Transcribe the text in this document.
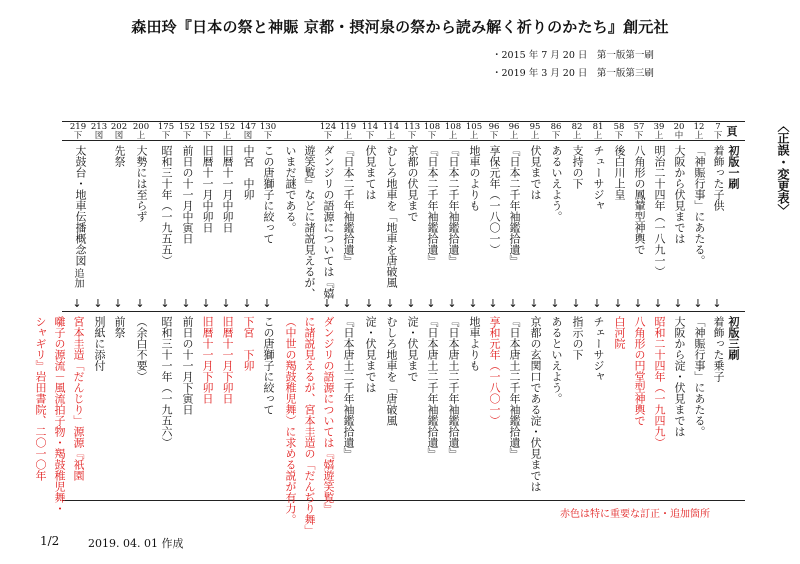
森田玲『日本の祭と神賑 京都・摂河泉の祭から読み解く祈りのかたち』創元社
・2015 年 7 月 20 日　第一版第一刷
・2019 年 3 月 20 日　第一版第三刷
〈正誤・変更表〉
頁
初版一刷
初版三刷
7
下
着飾った子供
↓
着飾った乗子
12
上
「神賑行事」にあたる。
↓
「神賑行事」にあたる。
20
中
大阪から伏見までは
↓
大阪から淀・伏見までは
39
上
明治二十四年（一八九一）
↓
昭和二十四年（一九四九）
57
下
八角形の鳳輦型神輿で
↓
八角形の円堂型神輿で
58
下
後白川上皇
↓
白河院
81
上
チューサジャ
↓
チェーサジャ
82
上
支持の下
↓
指示の下
86
下
あるいえよう。
↓
あるといえよう。
95
上
伏見までは
↓
京都の玄関口である淀・伏見までは
96
上
『日本二千年袖鑑拾遺』
↓
『日本唐土二千年袖鑑拾遺』
96
下
享保元年（一八〇一）
↓
享和元年（一八〇一）
105
上
地車のよりも
↓
地車よりも
108
上
『日本二千年袖鑑拾遺』
↓
『日本唐土二千年袖鑑拾遺』
108
下
『日本二千年袖鑑拾遺』
↓
『日本唐土二千年袖鑑拾遺』
113
下
京都の伏見まで
↓
淀・伏見まで
114
上
むしろ地車を「地車を唐破風
↓
むしろ地車を「唐破風
114
下
伏見まては
↓
淀・伏見までは
119
上
『日本二千年袖鑑拾遺』
↓
『日本唐土二千年袖鑑拾遺』
124
下
ダンジリの語源については『嬉
遊笑覧』などに諸説見えるが、
いまだ謎である。
↓
ダンジリの語源については『嬉遊笑覧』
に諸説見えるが、宮本圭造の「だんぢり舞」
（中世の羯鼓稚児舞）に求める説が有力。
130
下
この唐獅子に絞って
↓
この唐獅子に絞って
147
図
中宮　中卯
↓
下宮　下卯
152
上
旧暦十一月中卯日
↓
旧暦十一月下卯日
152
下
旧暦十一月中卯日
↓
旧暦十一月下卯日
152
下
前日の十一月中寅日
↓
前日の十一月下寅日
175
下
昭和三十年（一九五五）
↓
昭和三十一年（一九五六）
200
上
大勢には至らず
↓
（余白不要）
202
図
先祭
↓
前祭
213
図
太鼓台・地車伝播概念図
↓
別紙に添付
219
下
↓
宮本圭造「だんじり」源源『祇園
囃子の源流－風流拍子物・羯鼓稚児舞・
シャギリ』岩田書院、二〇一〇年
追加
赤色は特に重要な訂正・追加箇所
1/2	2019. 04. 01 作成
